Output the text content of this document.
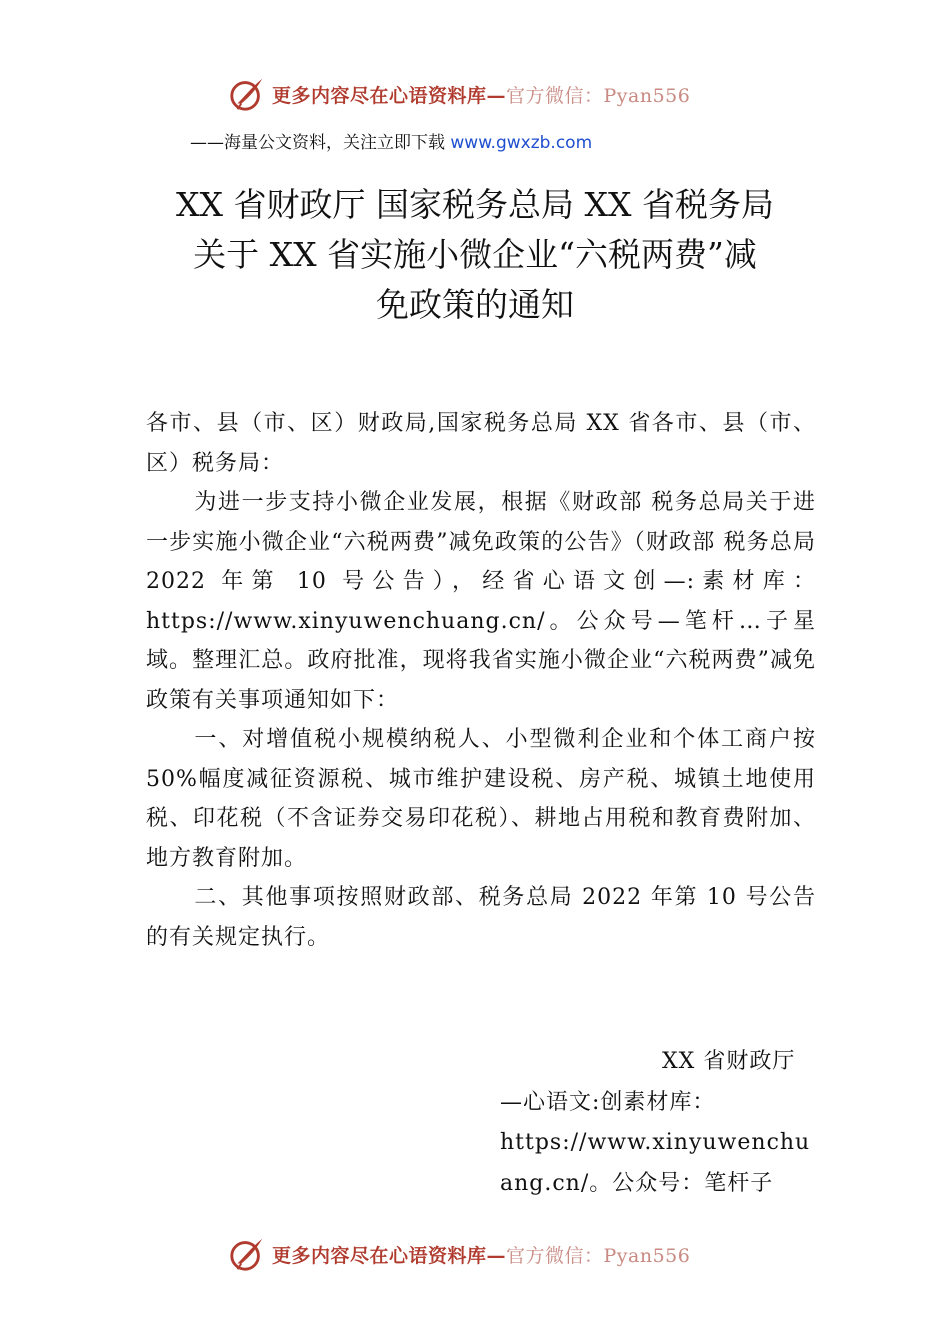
更多内容尽在心语资料库—官方微信：Pyan556
——海量公文资料，关注立即下载 www.gwxzb.com
XX 省财政厅 国家税务总局 XX 省税务局
关于 XX 省实施小微企业“六税两费”减
免政策的通知

各市、县（市、区）财政局,国家税务总局 XX 省各市、县（市、区）税务局：

为进一步支持小微企业发展，根据《财政部 税务总局关于进一步实施小微企业“六税两费”减免政策的公告》（财政部 税务总局 2022 年第 10 号公告），经省心语文创—:素材库：https://www.xinyuwenchuang.cn/。公众号—笔杆…子星域。整理汇总。政府批准，现将我省实施小微企业“六税两费”减免政策有关事项通知如下：

一、对增值税小规模纳税人、小型微利企业和个体工商户按 50%幅度减征资源税、城市维护建设税、房产税、城镇土地使用税、印花税（不含证券交易印花税）、耕地占用税和教育费附加、地方教育附加。

二、其他事项按照财政部、税务总局 2022 年第 10 号公告的有关规定执行。

XX 省财政厅
—心语文:创素材库：
https://www.xinyuwenchu
ang.cn/。公众号：笔杆子
更多内容尽在心语资料库—官方微信：Pyan556
